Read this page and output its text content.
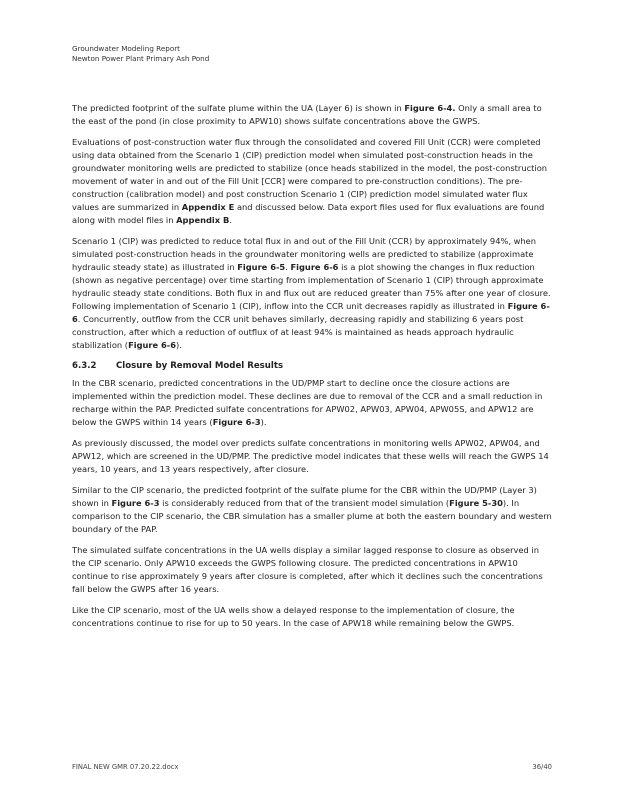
Groundwater Modeling Report
Newton Power Plant Primary Ash Pond

The predicted footprint of the sulfate plume within the UA (Layer 6) is shown in Figure 6-4. Only a small area to the east of the pond (in close proximity to APW10) shows sulfate concentrations above the GWPS.

Evaluations of post-construction water flux through the consolidated and covered Fill Unit (CCR) were completed using data obtained from the Scenario 1 (CIP) prediction model when simulated post-construction heads in the groundwater monitoring wells are predicted to stabilize (once heads stabilized in the model, the post-construction movement of water in and out of the Fill Unit [CCR] were compared to pre-construction conditions). The pre-construction (calibration model) and post construction Scenario 1 (CIP) prediction model simulated water flux values are summarized in Appendix E and discussed below. Data export files used for flux evaluations are found along with model files in Appendix B.

Scenario 1 (CIP) was predicted to reduce total flux in and out of the Fill Unit (CCR) by approximately 94%, when simulated post-construction heads in the groundwater monitoring wells are predicted to stabilize (approximate hydraulic steady state) as illustrated in Figure 6-5. Figure 6-6 is a plot showing the changes in flux reduction (shown as negative percentage) over time starting from implementation of Scenario 1 (CIP) through approximate hydraulic steady state conditions. Both flux in and flux out are reduced greater than 75% after one year of closure. Following implementation of Scenario 1 (CIP), inflow into the CCR unit decreases rapidly as illustrated in Figure 6-6. Concurrently, outflow from the CCR unit behaves similarly, decreasing rapidly and stabilizing 6 years post construction, after which a reduction of outflux of at least 94% is maintained as heads approach hydraulic stabilization (Figure 6-6).

6.3.2	Closure by Removal Model Results

In the CBR scenario, predicted concentrations in the UD/PMP start to decline once the closure actions are implemented within the prediction model. These declines are due to removal of the CCR and a small reduction in recharge within the PAP. Predicted sulfate concentrations for APW02, APW03, APW04, APW05S, and APW12 are below the GWPS within 14 years (Figure 6-3).

As previously discussed, the model over predicts sulfate concentrations in monitoring wells APW02, APW04, and APW12, which are screened in the UD/PMP. The predictive model indicates that these wells will reach the GWPS 14 years, 10 years, and 13 years respectively, after closure.

Similar to the CIP scenario, the predicted footprint of the sulfate plume for the CBR within the UD/PMP (Layer 3) shown in Figure 6-3 is considerably reduced from that of the transient model simulation (Figure 5-30). In comparison to the CIP scenario, the CBR simulation has a smaller plume at both the eastern boundary and western boundary of the PAP.

The simulated sulfate concentrations in the UA wells display a similar lagged response to closure as observed in the CIP scenario. Only APW10 exceeds the GWPS following closure. The predicted concentrations in APW10 continue to rise approximately 9 years after closure is completed, after which it declines such the concentrations fall below the GWPS after 16 years.

Like the CIP scenario, most of the UA wells show a delayed response to the implementation of closure, the concentrations continue to rise for up to 50 years. In the case of APW18 while remaining below the GWPS.

FINAL NEW GMR 07.20.22.docx	36/40
